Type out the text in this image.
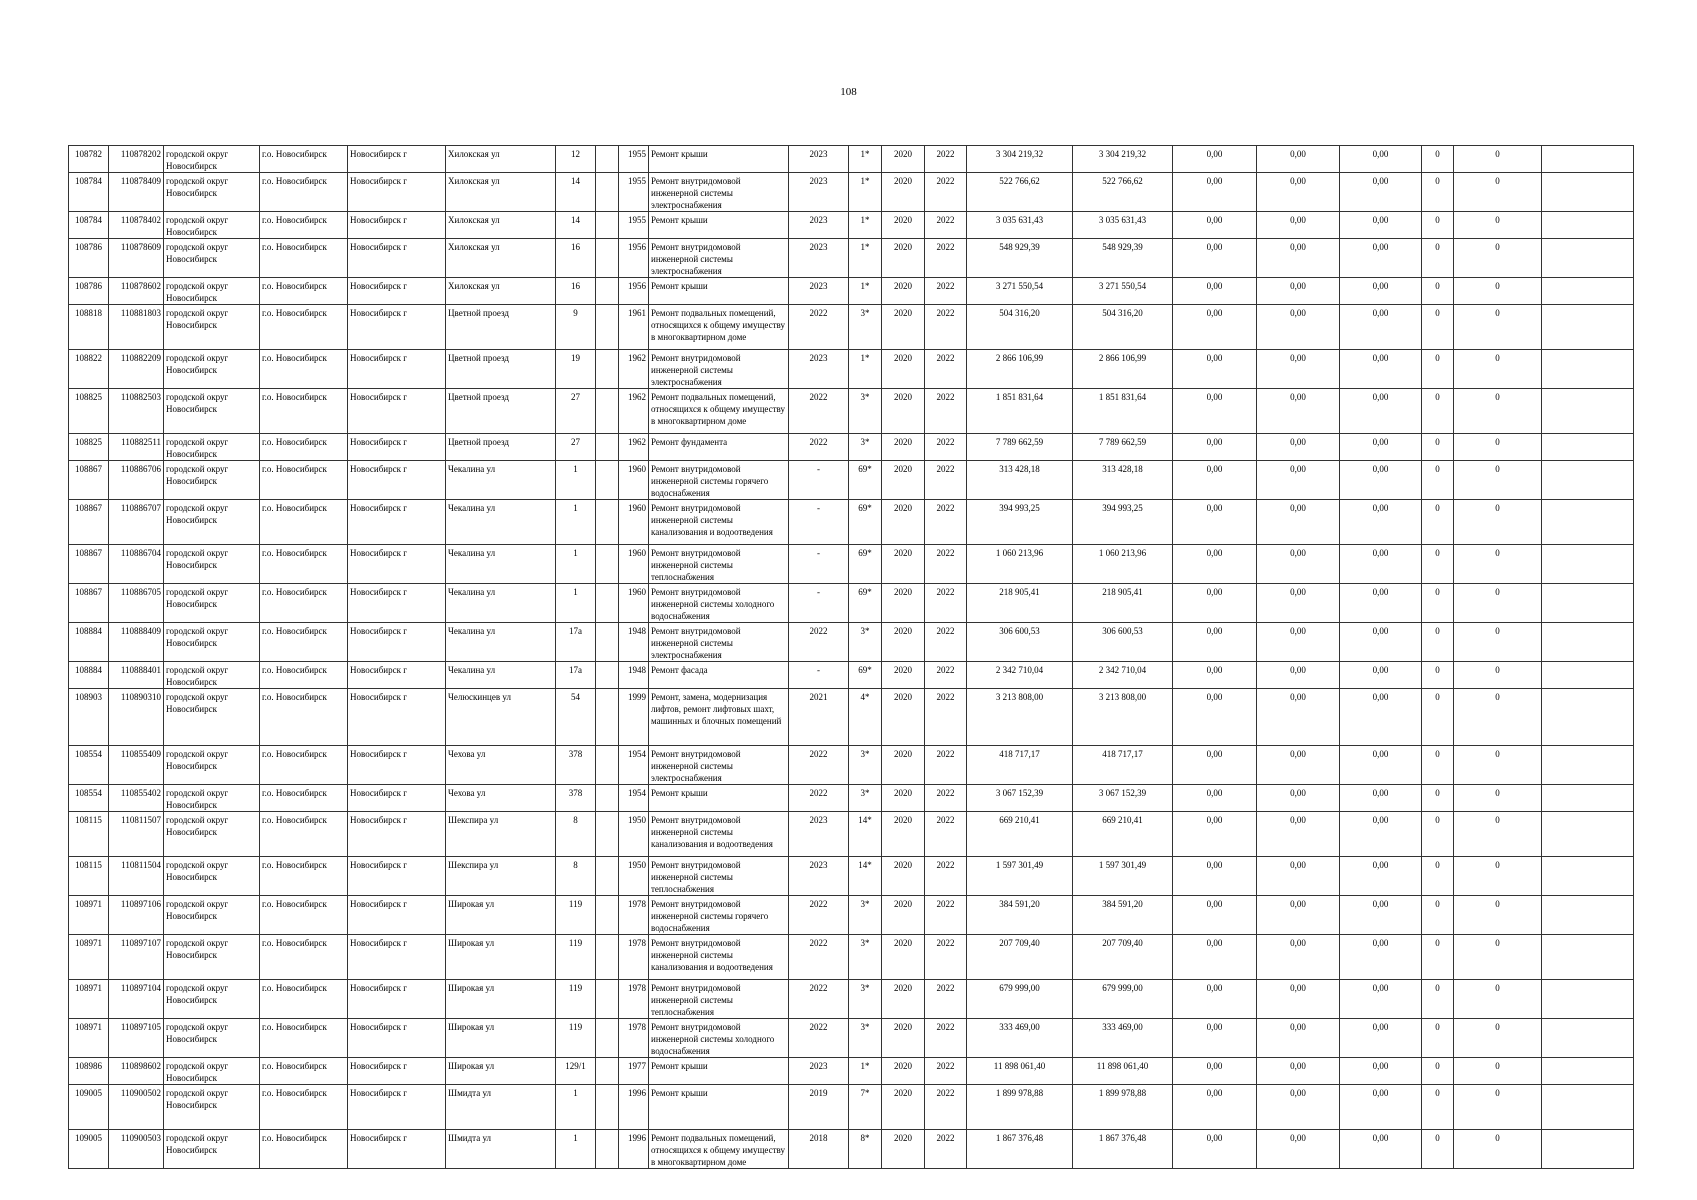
108
108782	110878202	городской округ Новосибирск	г.о. Новосибирск	Новосибирск г	Хилокская ул	12		1955	Ремонт крыши	2023	1*	2020	2022	3 304 219,32	3 304 219,32	0,00	0,00	0,00	0	0	
108784	110878409	городской округ Новосибирск	г.о. Новосибирск	Новосибирск г	Хилокская ул	14		1955	Ремонт внутридомовой инженерной системы электроснабжения	2023	1*	2020	2022	522 766,62	522 766,62	0,00	0,00	0,00	0	0	
108784	110878402	городской округ Новосибирск	г.о. Новосибирск	Новосибирск г	Хилокская ул	14		1955	Ремонт крыши	2023	1*	2020	2022	3 035 631,43	3 035 631,43	0,00	0,00	0,00	0	0	
108786	110878609	городской округ Новосибирск	г.о. Новосибирск	Новосибирск г	Хилокская ул	16		1956	Ремонт внутридомовой инженерной системы электроснабжения	2023	1*	2020	2022	548 929,39	548 929,39	0,00	0,00	0,00	0	0	
108786	110878602	городской округ Новосибирск	г.о. Новосибирск	Новосибирск г	Хилокская ул	16		1956	Ремонт крыши	2023	1*	2020	2022	3 271 550,54	3 271 550,54	0,00	0,00	0,00	0	0	
108818	110881803	городской округ Новосибирск	г.о. Новосибирск	Новосибирск г	Цветной проезд	9		1961	Ремонт подвальных помещений, относящихся к общему имуществу в многоквартирном доме	2022	3*	2020	2022	504 316,20	504 316,20	0,00	0,00	0,00	0	0	
108822	110882209	городской округ Новосибирск	г.о. Новосибирск	Новосибирск г	Цветной проезд	19		1962	Ремонт внутридомовой инженерной системы электроснабжения	2023	1*	2020	2022	2 866 106,99	2 866 106,99	0,00	0,00	0,00	0	0	
108825	110882503	городской округ Новосибирск	г.о. Новосибирск	Новосибирск г	Цветной проезд	27		1962	Ремонт подвальных помещений, относящихся к общему имуществу в многоквартирном доме	2022	3*	2020	2022	1 851 831,64	1 851 831,64	0,00	0,00	0,00	0	0	
108825	110882511	городской округ Новосибирск	г.о. Новосибирск	Новосибирск г	Цветной проезд	27		1962	Ремонт фундамента	2022	3*	2020	2022	7 789 662,59	7 789 662,59	0,00	0,00	0,00	0	0	
108867	110886706	городской округ Новосибирск	г.о. Новосибирск	Новосибирск г	Чекалина ул	1		1960	Ремонт внутридомовой инженерной системы горячего водоснабжения	-	69*	2020	2022	313 428,18	313 428,18	0,00	0,00	0,00	0	0	
108867	110886707	городской округ Новосибирск	г.о. Новосибирск	Новосибирск г	Чекалина ул	1		1960	Ремонт внутридомовой инженерной системы канализования и водоотведения	-	69*	2020	2022	394 993,25	394 993,25	0,00	0,00	0,00	0	0	
108867	110886704	городской округ Новосибирск	г.о. Новосибирск	Новосибирск г	Чекалина ул	1		1960	Ремонт внутридомовой инженерной системы теплоснабжения	-	69*	2020	2022	1 060 213,96	1 060 213,96	0,00	0,00	0,00	0	0	
108867	110886705	городской округ Новосибирск	г.о. Новосибирск	Новосибирск г	Чекалина ул	1		1960	Ремонт внутридомовой инженерной системы холодного водоснабжения	-	69*	2020	2022	218 905,41	218 905,41	0,00	0,00	0,00	0	0	
108884	110888409	городской округ Новосибирск	г.о. Новосибирск	Новосибирск г	Чекалина ул	17а		1948	Ремонт внутридомовой инженерной системы электроснабжения	2022	3*	2020	2022	306 600,53	306 600,53	0,00	0,00	0,00	0	0	
108884	110888401	городской округ Новосибирск	г.о. Новосибирск	Новосибирск г	Чекалина ул	17а		1948	Ремонт фасада	-	69*	2020	2022	2 342 710,04	2 342 710,04	0,00	0,00	0,00	0	0	
108903	110890310	городской округ Новосибирск	г.о. Новосибирск	Новосибирск г	Челюскинцев ул	54		1999	Ремонт, замена, модернизация лифтов, ремонт лифтовых шахт, машинных и блочных помещений	2021	4*	2020	2022	3 213 808,00	3 213 808,00	0,00	0,00	0,00	0	0	
108554	110855409	городской округ Новосибирск	г.о. Новосибирск	Новосибирск г	Чехова ул	378		1954	Ремонт внутридомовой инженерной системы электроснабжения	2022	3*	2020	2022	418 717,17	418 717,17	0,00	0,00	0,00	0	0	
108554	110855402	городской округ Новосибирск	г.о. Новосибирск	Новосибирск г	Чехова ул	378		1954	Ремонт крыши	2022	3*	2020	2022	3 067 152,39	3 067 152,39	0,00	0,00	0,00	0	0	
108115	110811507	городской округ Новосибирск	г.о. Новосибирск	Новосибирск г	Шекспира ул	8		1950	Ремонт внутридомовой инженерной системы канализования и водоотведения	2023	14*	2020	2022	669 210,41	669 210,41	0,00	0,00	0,00	0	0	
108115	110811504	городской округ Новосибирск	г.о. Новосибирск	Новосибирск г	Шекспира ул	8		1950	Ремонт внутридомовой инженерной системы теплоснабжения	2023	14*	2020	2022	1 597 301,49	1 597 301,49	0,00	0,00	0,00	0	0	
108971	110897106	городской округ Новосибирск	г.о. Новосибирск	Новосибирск г	Широкая ул	119		1978	Ремонт внутридомовой инженерной системы горячего водоснабжения	2022	3*	2020	2022	384 591,20	384 591,20	0,00	0,00	0,00	0	0	
108971	110897107	городской округ Новосибирск	г.о. Новосибирск	Новосибирск г	Широкая ул	119		1978	Ремонт внутридомовой инженерной системы канализования и водоотведения	2022	3*	2020	2022	207 709,40	207 709,40	0,00	0,00	0,00	0	0	
108971	110897104	городской округ Новосибирск	г.о. Новосибирск	Новосибирск г	Широкая ул	119		1978	Ремонт внутридомовой инженерной системы теплоснабжения	2022	3*	2020	2022	679 999,00	679 999,00	0,00	0,00	0,00	0	0	
108971	110897105	городской округ Новосибирск	г.о. Новосибирск	Новосибирск г	Широкая ул	119		1978	Ремонт внутридомовой инженерной системы холодного водоснабжения	2022	3*	2020	2022	333 469,00	333 469,00	0,00	0,00	0,00	0	0	
108986	110898602	городской округ Новосибирск	г.о. Новосибирск	Новосибирск г	Широкая ул	129/1		1977	Ремонт крыши	2023	1*	2020	2022	11 898 061,40	11 898 061,40	0,00	0,00	0,00	0	0	
109005	110900502	городской округ Новосибирск	г.о. Новосибирск	Новосибирск г	Шмидта ул	1		1996	Ремонт крыши	2019	7*	2020	2022	1 899 978,88	1 899 978,88	0,00	0,00	0,00	0	0	
109005	110900503	городской округ Новосибирск	г.о. Новосибирск	Новосибирск г	Шмидта ул	1		1996	Ремонт подвальных помещений, относящихся к общему имуществу в многоквартирном доме	2018	8*	2020	2022	1 867 376,48	1 867 376,48	0,00	0,00	0,00	0	0	
